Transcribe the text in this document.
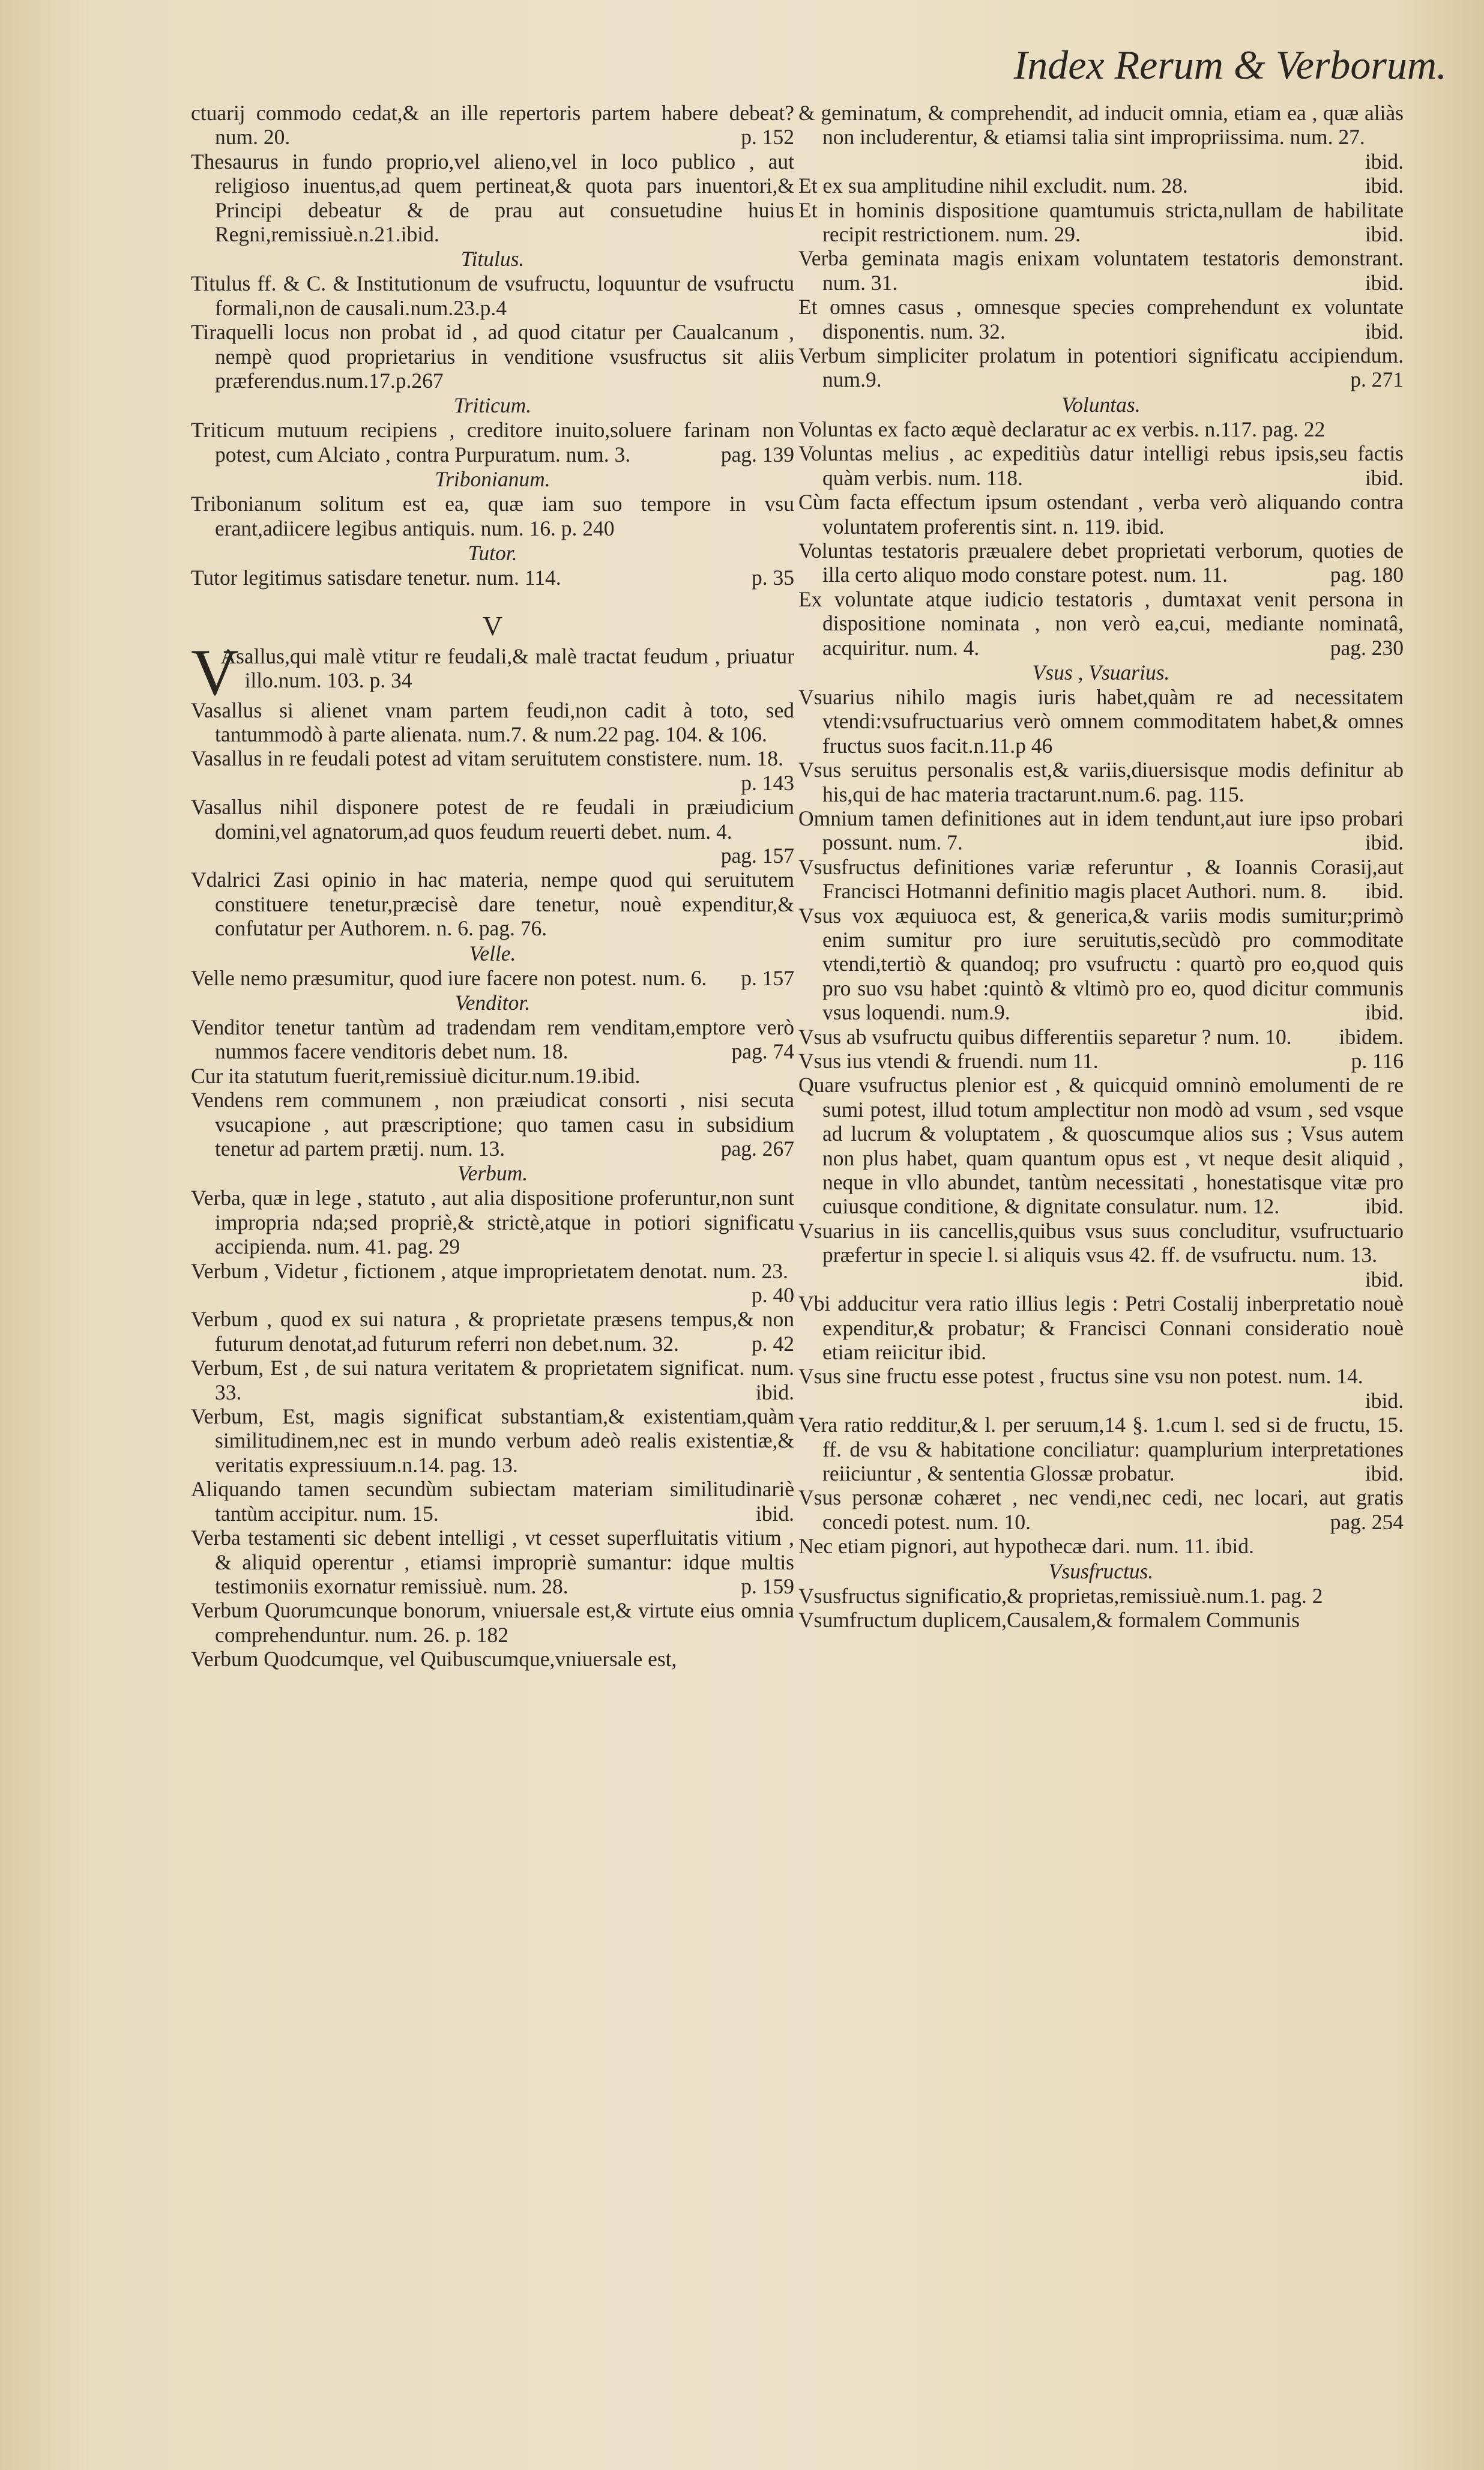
Index Rerum & Verborum.

ctuarij commodo cedat,& an ille repertoris partem habere debeat? num. 20.	p. 152

Thesaurus in fundo proprio,vel alieno,vel in loco publico , aut religioso inuentus,ad quem pertineat,& quota pars inuentori,& Principi debeatur & de prau aut consuetudine huius Regni,remissiuè.n.21.ibid.

Titulus.

Titulus ff. & C. & Institutionum de vsufructu, loquuntur de vsufructu formali,non de causali.num.23.p.4

Tiraquelli locus non probat id , ad quod citatur per Caualcanum , nempè quod proprietarius in venditione vsusfructus sit aliis præferendus.num.17.p.267

Triticum.

Triticum mutuum recipiens , creditore inuito,soluere farinam non potest, cum Alciato , contra Purpuratum. num. 3.	pag. 139

Tribonianum.

Tribonianum solitum est ea, quæ iam suo tempore in vsu erant,adiicere legibus antiquis. num. 16. p. 240

Tutor.

Tutor legitimus satisdare tenetur. num. 114.	p. 35

V

V
Asallus,qui malè vtitur re feudali,& malè tractat feudum , priuatur illo.num. 103. p. 34

Vasallus si alienet vnam partem feudi,non cadit à toto, sed tantummodò à parte alienata. num.7. & num.22 pag. 104. & 106.

Vasallus in re feudali potest ad vitam seruitutem constistere. num. 18.
p. 143

Vasallus nihil disponere potest de re feudali in præiudicium domini,vel agnatorum,ad quos feudum reuerti debet. num. 4.
pag. 157

Vdalrici Zasi opinio in hac materia, nempe quod qui seruitutem constituere tenetur,præcisè dare tenetur, nouè expenditur,& confutatur per Authorem. n. 6. pag. 76.

Velle.

Velle nemo præsumitur, quod iure facere non potest. num. 6.	p. 157

Venditor.

Venditor tenetur tantùm ad tradendam rem venditam,emptore verò nummos facere venditoris debet num. 18.	pag. 74

Cur ita statutum fuerit,remissiuè dicitur.num.19.ibid.

Vendens rem communem , non præiudicat consorti , nisi secuta vsucapione , aut præscriptione; quo tamen casu in subsidium tenetur ad partem prætij. num. 13.	pag. 267

Verbum.

Verba, quæ in lege , statuto , aut alia dispositione proferuntur,non sunt impropria nda;sed propriè,& strictè,atque in potiori significatu accipienda. num. 41. pag. 29

Verbum , Videtur , fictionem , atque improprietatem denotat. num. 23.
p. 40

Verbum , quod ex sui natura , & proprietate præsens tempus,& non futurum denotat,ad futurum referri non debet.num. 32.	p. 42

Verbum, Est , de sui natura veritatem & proprietatem significat. num. 33.	ibid.

Verbum, Est, magis significat substantiam,& existentiam,quàm similitudinem,nec est in mundo verbum adeò realis existentiæ,& veritatis expressiuum.n.14. pag. 13.

Aliquando tamen secundùm subiectam materiam similitudinariè tantùm accipitur. num. 15.	ibid.

Verba testamenti sic debent intelligi , vt cesset superfluitatis vitium , & aliquid operentur , etiamsi impropriè sumantur: idque multis testimoniis exornatur remissiuè. num. 28.	p. 159

Verbum Quorumcunque bonorum, vniuersale est,& virtute eius omnia comprehenduntur. num. 26. p. 182

Verbum Quodcumque, vel Quibuscumque,vniuersale est,

& geminatum, & comprehendit, ad inducit omnia, etiam ea , quæ aliàs non includerentur, & etiamsi talia sint impropriissima. num. 27.
ibid.

Et ex sua amplitudine nihil excludit. num. 28.	ibid.

Et in hominis dispositione quamtumuis stricta,nullam de habilitate recipit restrictionem. num. 29.	ibid.

Verba geminata magis enixam voluntatem testatoris demonstrant. num. 31.	ibid.

Et omnes casus , omnesque species comprehendunt ex voluntate disponentis. num. 32.	ibid.

Verbum simpliciter prolatum in potentiori significatu accipiendum. num.9.	p. 271

Voluntas.

Voluntas ex facto æquè declaratur ac ex verbis. n.117. pag. 22

Voluntas melius , ac expeditiùs datur intelligi rebus ipsis,seu factis quàm verbis. num. 118.	ibid.

Cùm facta effectum ipsum ostendant , verba verò aliquando contra voluntatem proferentis sint. n. 119. ibid.

Voluntas testatoris præualere debet proprietati verborum, quoties de illa certo aliquo modo constare potest. num. 11.	pag. 180

Ex voluntate atque iudicio testatoris , dumtaxat venit persona in dispositione nominata , non verò ea,cui, mediante nominatâ, acquiritur. num. 4.	pag. 230

Vsus , Vsuarius.

Vsuarius nihilo magis iuris habet,quàm re ad necessitatem vtendi:vsufructuarius verò omnem commoditatem habet,& omnes fructus suos facit.n.11.p 46

Vsus seruitus personalis est,& variis,diuersisque modis definitur ab his,qui de hac materia tractarunt.num.6. pag. 115.

Omnium tamen definitiones aut in idem tendunt,aut iure ipso probari possunt. num. 7.	ibid.

Vsusfructus definitiones variæ referuntur , & Ioannis Corasij,aut Francisci Hotmanni definitio magis placet Authori. num. 8.	ibid.

Vsus vox æquiuoca est, & generica,& variis modis sumitur;primò enim sumitur pro iure seruitutis,secùdò pro commoditate vtendi,tertiò & quandoq; pro vsufructu : quartò pro eo,quod quis pro suo vsu habet :quintò & vltimò pro eo, quod dicitur communis vsus loquendi. num.9.	ibid.

Vsus ab vsufructu quibus differentiis separetur ? num. 10.	ibidem.

Vsus ius vtendi & fruendi. num 11.	p. 116

Quare vsufructus plenior est , & quicquid omninò emolumenti de re sumi potest, illud totum amplectitur non modò ad vsum , sed vsque ad lucrum & voluptatem , & quoscumque alios sus ; Vsus autem non plus habet, quam quantum opus est , vt neque desit aliquid , neque in vllo abundet, tantùm necessitati , honestatisque vitæ pro cuiusque conditione, & dignitate consulatur. num. 12.	ibid.

Vsuarius in iis cancellis,quibus vsus suus concluditur, vsufructuario præfertur in specie l. si aliquis vsus 42. ff. de vsufructu. num. 13.
ibid.

Vbi adducitur vera ratio illius legis : Petri Costalij inberpretatio nouè expenditur,& probatur; & Francisci Connani consideratio nouè etiam reiicitur ibid.

Vsus sine fructu esse potest , fructus sine vsu non potest. num. 14.
ibid.

Vera ratio redditur,& l. per seruum,14 §. 1.cum l. sed si de fructu, 15. ff. de vsu & habitatione conciliatur: quamplurium interpretationes reiiciuntur , & sententia Glossæ probatur.	ibid.

Vsus personæ cohæret , nec vendi,nec cedi, nec locari, aut gratis concedi potest. num. 10.	pag. 254

Nec etiam pignori, aut hypothecæ dari. num. 11. ibid.

Vsusfructus.

Vsusfructus significatio,& proprietas,remissiuè.num.1. pag. 2

Vsumfructum duplicem,Causalem,& formalem Communis
